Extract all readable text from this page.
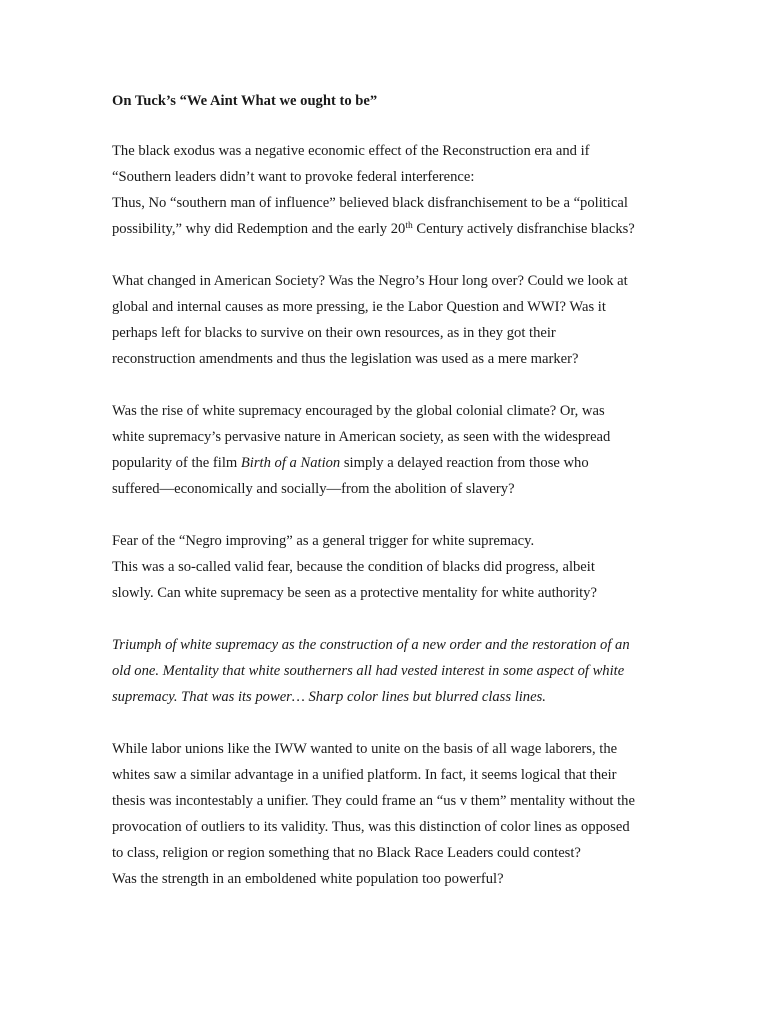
On Tuck’s “We Aint What we ought to be”
The black exodus was a negative economic effect of the Reconstruction era and if
“Southern leaders didn’t want to provoke federal interference:
Thus, No “southern man of influence” believed black disfranchisement to be a “political
possibility,” why did Redemption and the early 20th Century actively disfranchise blacks?
What changed in American Society? Was the Negro’s Hour long over? Could we look at
global and internal causes as more pressing, ie the Labor Question and WWI? Was it
perhaps left for blacks to survive on their own resources, as in they got their
reconstruction amendments and thus the legislation was used as a mere marker?
Was the rise of white supremacy encouraged by the global colonial climate? Or, was
white supremacy’s pervasive nature in American society, as seen with the widespread
popularity of the film Birth of a Nation simply a delayed reaction from those who
suffered—economically and socially—from the abolition of slavery?
Fear of the “Negro improving” as a general trigger for white supremacy.
This was a so-called valid fear, because the condition of blacks did progress, albeit
slowly. Can white supremacy be seen as a protective mentality for white authority?
Triumph of white supremacy as the construction of a new order and the restoration of an
old one. Mentality that white southerners all had vested interest in some aspect of white
supremacy. That was its power… Sharp color lines but blurred class lines.
While labor unions like the IWW wanted to unite on the basis of all wage laborers, the
whites saw a similar advantage in a unified platform. In fact, it seems logical that their
thesis was incontestably a unifier. They could frame an “us v them” mentality without the
provocation of outliers to its validity. Thus, was this distinction of color lines as opposed
to class, religion or region something that no Black Race Leaders could contest?
Was the strength in an emboldened white population too powerful?
